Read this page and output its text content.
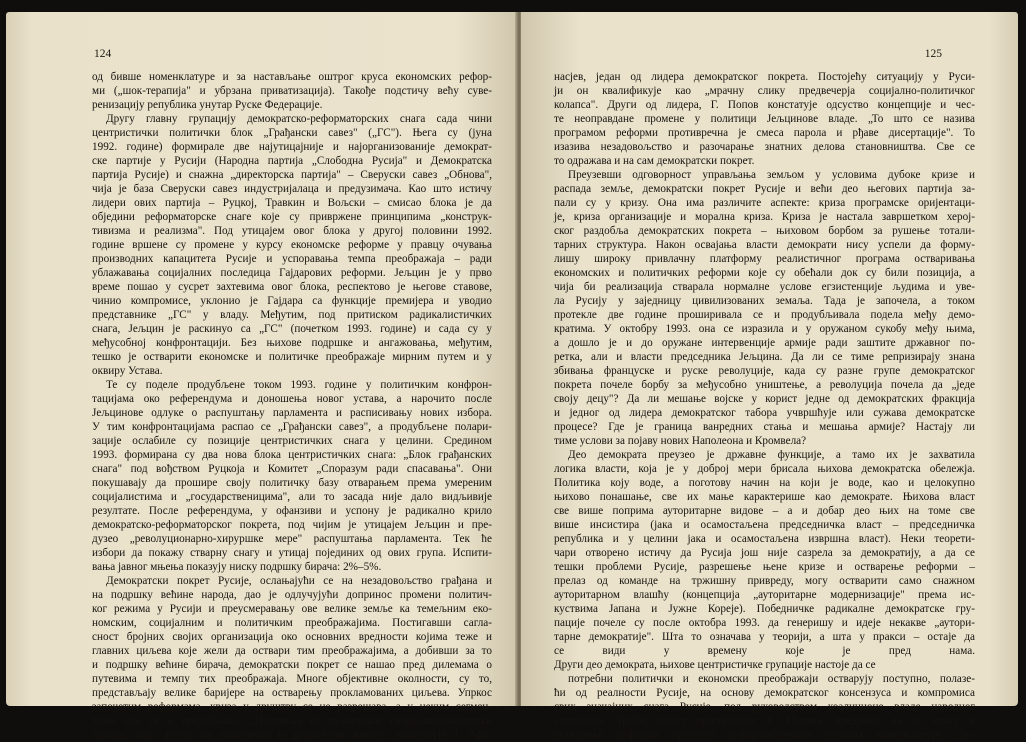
124
од бивше номенклатуре и за настављање оштрог круса економских рефор-
ми („шок-терапија" и убрзана приватизација). Такође подстичу већу суве-
ренизацију република унутар Руске Федерације.
Другу главну групацију демократско-реформаторских снага сада чини
центристички политички блок „Грађански савез" („ГС"). Њега су (јуна
1992. године) формирале две најутицајније и најорганизованије демократ-
ске партије у Русији (Народна партија „Слободна Русија" и Демократска
партија Русије) и снажна „директорска партија" – Сверуски савез „Обнова",
чија је база Сверуски савез индустријалаца и предузимача. Као што истичу
лидери ових партија – Руцкој, Травкин и Вољски – смисао блока је да
обједини реформаторске снаге које су привржене принципима „конструк-
тивизма и реализма". Под утицајем овог блока у другој половини 1992.
године вршене су промене у курсу економске реформе у правцу очувања
производних капацитета Русије и успоравања темпа преображаја – ради
ублажавања социјалних последица Гајдарових реформи. Јељцин је у прво
време пошао у сусрет захтевима овог блока, респектово је његове ставове,
чинио компромисе, уклонио је Гајдара са функције премијера и уводио
представнике „ГС" у владу. Међутим, под притиском радикалистичких
снага, Јељцин је раскинуо са „ГС" (почетком 1993. године) и сада су у
међусобној конфронтацији. Без њихове подршке и ангажовања, међутим,
тешко је остварити економске и политичке преображаје мирним путем и у
оквиру Устава.
Те су поделе продубљене током 1993. године у политичким конфрон-
тацијама око референдума и доношења новог устава, а нарочито после
Јељцинове одлуке о распуштању парламента и расписивању нових избора.
У тим конфронтацијама распао се „Грађански савез", а продубљене полари-
зације ослабиле су позиције центристичких снага у целини. Средином
1993. формирана су два нова блока центристичких снага: „Блок грађанских
снага" под вођством Руцкоја и Комитет „Споразум ради спасавања". Они
покушавају да прошире своју политичку базу отварањем према умереним
социјалистима и „государственицима", али то засада није дало видљивије
резултате. После референдума, у офанзиви и успону је радикално крило
демократско-реформаторског покрета, под чијим је утицајем Јељцин и пре-
дузео „револуционарно-хируршке мере" распуштања парламента. Тек ће
избори да покажу стварну снагу и утицај појединих од ових група. Испити-
вања јавног мњења показују ниску подршку бирача: 2%–5%.
Демократски покрет Русије, ослањајући се на незадовољство грађана и
на подршку већине народа, дао је одлучујући допринос промени политич-
ког режима у Русији и преусмеравању ове велике земље ка темељним еко-
номским, социјалним и политичким преображајима. Постигавши сагла-
сност бројних својих организација око основних вредности којима теже и
главних циљева које жели да оствари тим преображајима, а добивши за то
и подршку већине бирача, демократски покрет се нашао пред дилемама о
путевима и темпу тих преображаја. Многе објективне околности, су то,
представљају велике баријере на остварењу прокламованих циљева. Упркос
започетим реформама, криза у друштву се не разрешава, а у неким сегмен-
тима она се и продубљава. „Наставља се рушилачки социјално-економски
процес, који делује на политички и друштвени живот", констатује Ј. Афа-
125
насјев, један од лидера демократског покрета. Постојећу ситуацију у Руси-
ји он квалификује као „мрачну слику предвечерја социјално-политичког
колапса". Други од лидера, Г. Попов констатује одсуство концепције и чес-
те неоправдане промене у политици Јељцинове владе. „То што се назива
програмом реформи противречна је смеса парола и рђаве дисертације". То
изазива незадовољство и разочарање знатних делова становништва. Све се
то одражава и на сам демократски покрет.
Преузевши одговорност управљања земљом у условима дубоке кризе и
распада земље, демократски покрет Русије и већи део његових партија за-
пали су у кризу. Она има различите аспекте: криза програмске оријентаци-
је, криза организације и морална криза. Криза је настала завршетком херој-
ског раздобља демократских покрета – њиховом борбом за рушење тотали-
тарних структура. Након освајања власти демократи нису успели да форму-
лишу широку привлачну платформу реалистичног програма остваривања
економских и политичких реформи које су обећали док су били позиција, а
чија би реализација стварала нормалне услове егзистенције људима и уве-
ла Русију у заједницу цивилизованих земаља. Тада је започела, а током
протекле две године проширивала се и продубљивала подела међу демо-
кратима. У октобру 1993. она се изразила и у оружаном сукобу међу њима,
а дошло је и до оружане интервенције армије ради заштите државног по-
ретка, али и власти председника Јељцина. Да ли се тиме репризирају знана
збивања француске и руске револуције, када су разне групе демократског
покрета почеле борбу за међусобно уништење, а револуција почела да „једе
своју децу"? Да ли мешање војске у корист једне од демократских фракција
и једног од лидера демократског табора учвршћује или сужава демократске
процесе? Где је граница ванредних стања и мешања армије? Настају ли
тиме услови за појаву нових Наполеона и Кромвела?
Део демократа преузео је државне функције, а тамо их је захватила
логика власти, која је у доброј мери брисала њихова демократска обележја.
Политика коју воде, а поготову начин на који је воде, као и целокупно
њихово понашање, све их мање карактерише као демократе. Њихова власт
све више поприма ауторитарне видове – а и добар део њих на томе све
више инсистира (јака и осамостаљена председничка власт – председничка
република и у целини јака и осамостаљена извршна власт). Неки теорети-
чари отворено истичу да Русија још није сазрела за демократију, а да се
тешки проблеми Русије, разрешење њене кризе и остварење реформи –
прелаз од команде на тржишну привреду, могу остварити само снажном
ауторитарном влашћу (концепција „ауторитарне модернизације" према ис-
куствима Јапана и Јужне Кореје). Победничке радикалне демократске гру-
пације почеле су после октобра 1993. да генеришу и идеје некакве „аутори-
тарне демократије". Шта то означава у теорији, а шта у пракси – остаје да
се види у времену које је пред нама.
Други део демократа, њихове центристичке групације настоје да се
потребни политички и економски преображаји остварују поступно, полазе-
ћи од реалности Русије, на основу демократског консензуса и компромиса
свих значајних снага Русије, под руководством коалиционе владе народног
споразума. Трећи, попут оригиналног Г. Попова, предлажу да се власт и
остварење реформи препусте реформистичким групама номенклатуре. Де-
